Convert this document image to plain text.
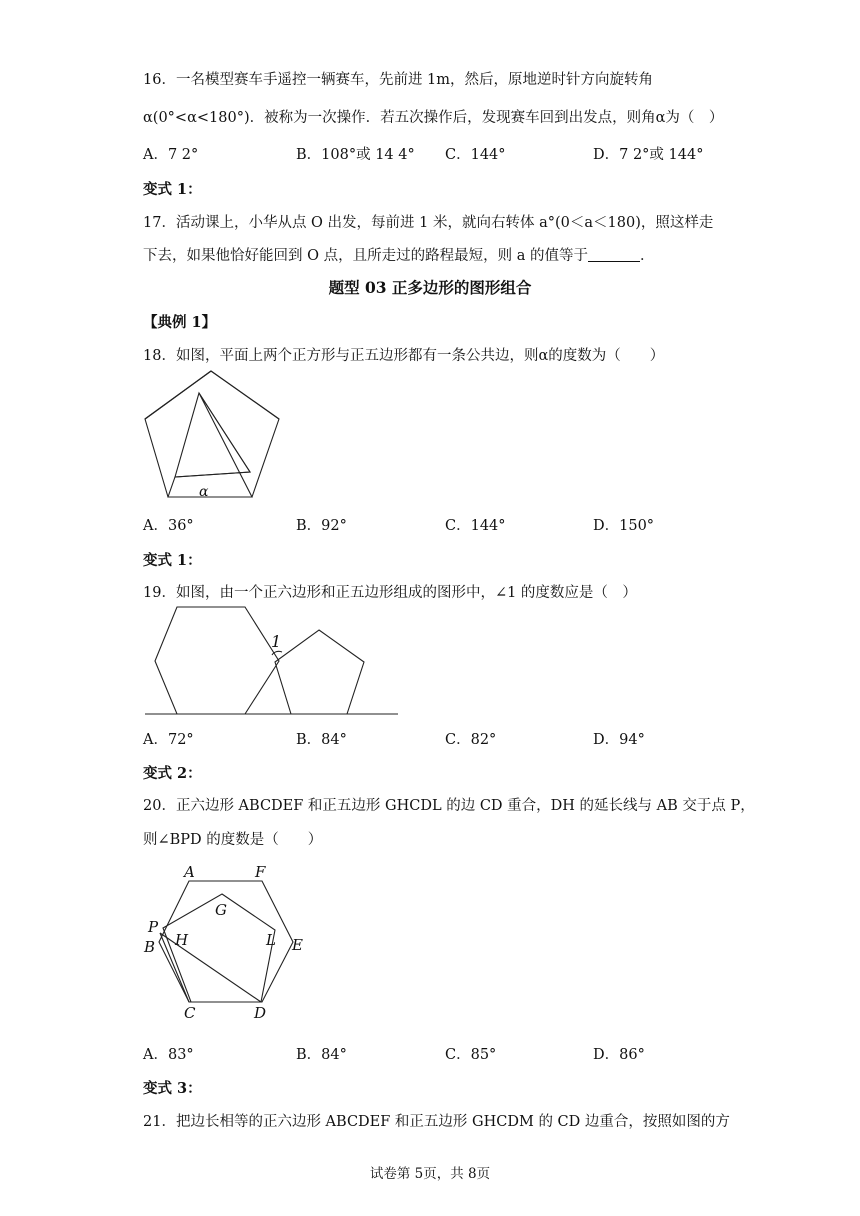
16．一名模型赛车手遥控一辆赛车，先前进 1m，然后，原地逆时针方向旋转角
α(0°<α<180°)．被称为一次操作．若五次操作后，发现赛车回到出发点，则角α为（　）
A．7 2°	B．108°或 14 4° C．144°	D．7 2°或 144°
变式 1：
17．活动课上，小华从点 O 出发，每前进 1 米，就向右转体 a°(0＜a＜180)，照这样走
下去，如果他恰好能回到 O 点，且所走过的路程最短，则 a 的值等于	．
题型 03 正多边形的图形组合
【典例 1】
18．如图，平面上两个正方形与正五边形都有一条公共边，则α的度数为（　　）
α
A．36°	B．92°	C．144°	D．150°
变式 1：
19．如图，由一个正六边形和正五边形组成的图形中，∠1 的度数应是（　）
1
A．72°	B．84°	C．82°	D．94°
变式 2：
20．正六边形 ABCDEF 和正五边形 GHCDL 的边 CD 重合，DH 的延长线与 AB 交于点 P，
则∠BPD 的度数是（　　）
A	F
G
P
B H	L E
C	D
A．83°	B．84°	C．85°	D．86°
变式 3：
21．把边长相等的正六边形 ABCDEF 和正五边形 GHCDM 的 CD 边重合，按照如图的方
试卷第 5页，共 8页
